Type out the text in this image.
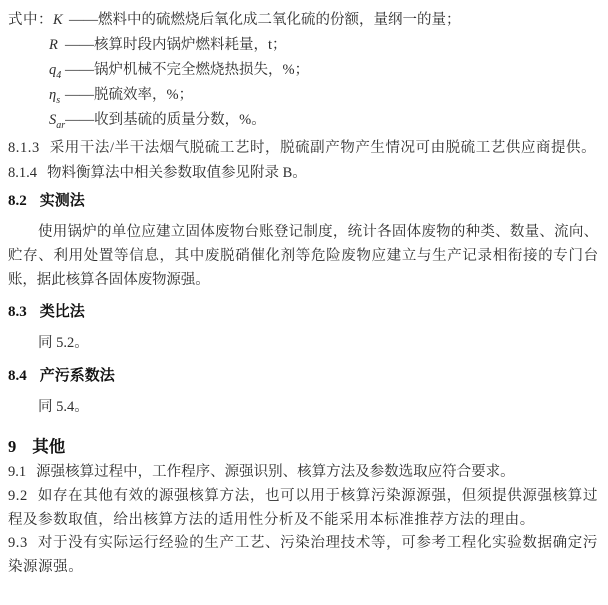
式中： K ——燃料中的硫燃烧后氧化成二氧化硫的份额，量纲一的量；
R ——核算时段内锅炉燃料耗量，t；
$q_4$ ——锅炉机械不完全燃烧热损失，%；
$\eta_s$ ——脱硫效率，%；
$S_{ar}$ ——收到基硫的质量分数，%。

8.1.3 采用干法/半干法烟气脱硫工艺时，脱硫副产物产生情况可由脱硫工艺供应商提供。

8.1.4 物料衡算法中相关参数取值参见附录 B。

8.2 实测法

使用锅炉的单位应建立固体废物台账登记制度，统计各固体废物的种类、数量、流向、贮存、利用处置等信息，其中废脱硝催化剂等危险废物应建立与生产记录相衔接的专门台账，据此核算各固体废物源强。

8.3 类比法

同 5.2。

8.4 产污系数法

同 5.4。

9 其他

9.1 源强核算过程中，工作程序、源强识别、核算方法及参数选取应符合要求。

9.2 如存在其他有效的源强核算方法，也可以用于核算污染源源强，但须提供源强核算过程及参数取值，给出核算方法的适用性分析及不能采用本标准推荐方法的理由。

9.3 对于没有实际运行经验的生产工艺、污染治理技术等，可参考工程化实验数据确定污染源源强。
